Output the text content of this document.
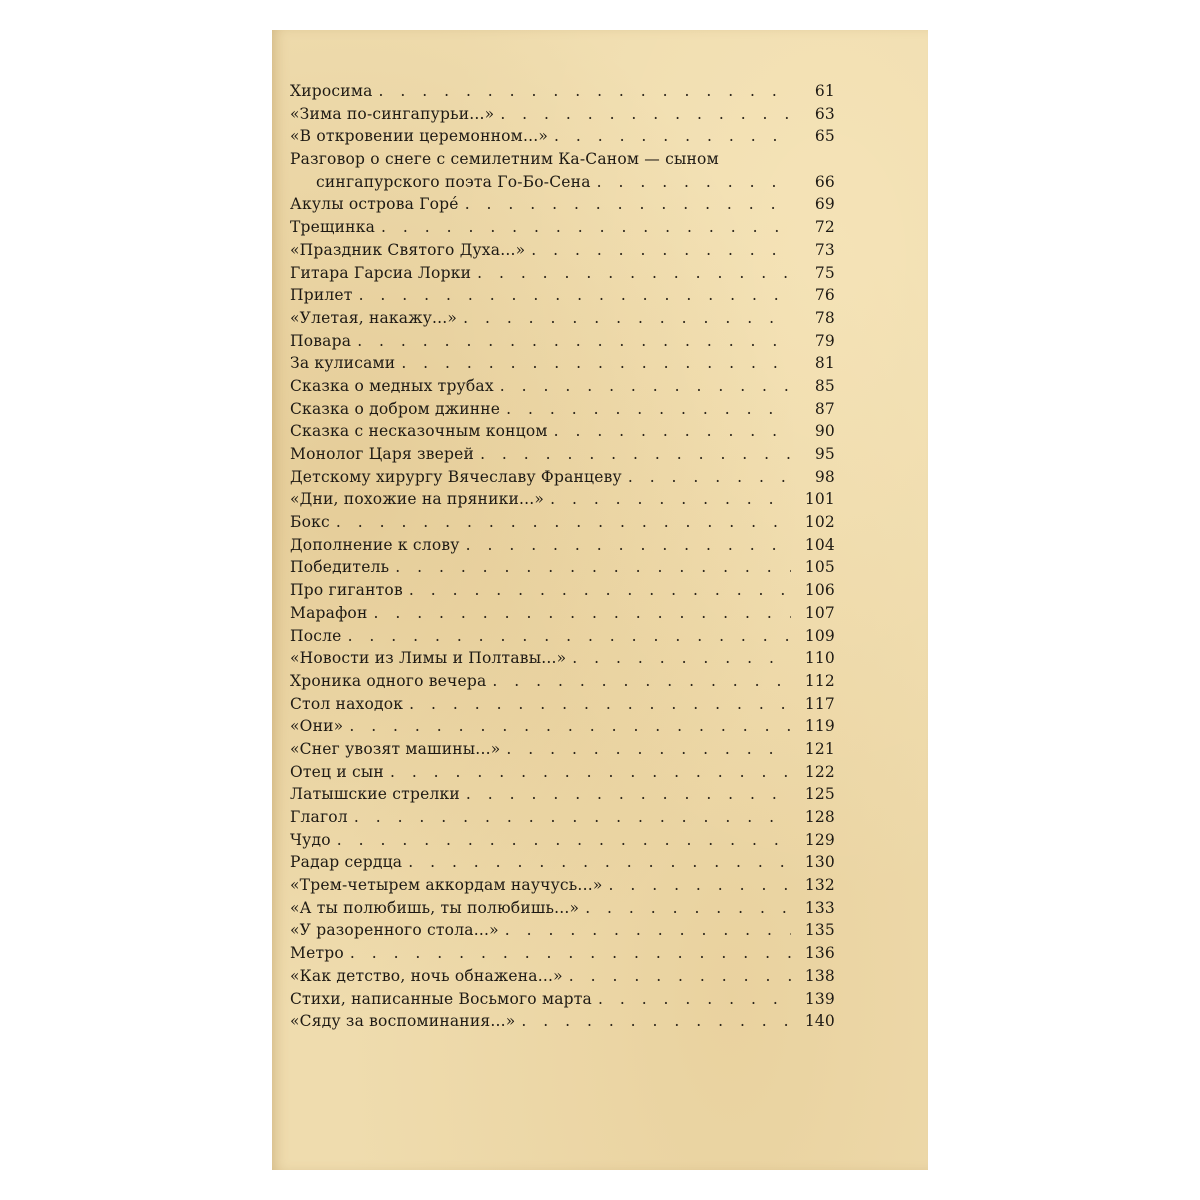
Хиросима . . .	61
«Зима по-сингапурьи...» . . .	63
«В откровении церемонном...» . . .	65
Разговор о снеге с семилетним Ка-Саном — сыном
сингапурского поэта Го-Бо-Сена . . .	66
Акулы острова Горе́ . . .	69
Трещинка . . .	72
«Праздник Святого Духа...» . . .	73
Гитара Гарсиа Лорки . . .	75
Прилет . . .	76
«Улетая, накажу...» . . .	78
Повара . . .	79
За кулисами . . .	81
Сказка о медных трубах . . .	85
Сказка о добром джинне . . .	87
Сказка с несказочным концом . . .	90
Монолог Царя зверей . . .	95
Детскому хирургу Вячеславу Францеву . . .	98
«Дни, похожие на пряники...» . . .	101
Бокс . . .	102
Дополнение к слову . . .	104
Победитель . . .	105
Про гигантов . . .	106
Марафон . . .	107
После . . .	109
«Новости из Лимы и Полтавы...» . . .	110
Хроника одного вечера . . .	112
Стол находок . . .	117
«Они» . . .	119
«Снег увозят машины...» . . .	121
Отец и сын . . .	122
Латышские стрелки . . .	125
Глагол . . .	128
Чудо . . .	129
Радар сердца . . .	130
«Трем-четырем аккордам научусь...» . . .	132
«А ты полюбишь, ты полюбишь...» . . .	133
«У разоренного стола...» . . .	135
Метро . . .	136
«Как детство, ночь обнажена...» . . .	138
Стихи, написанные Восьмого марта . . .	139
«Сяду за воспоминания...» . . .	140
